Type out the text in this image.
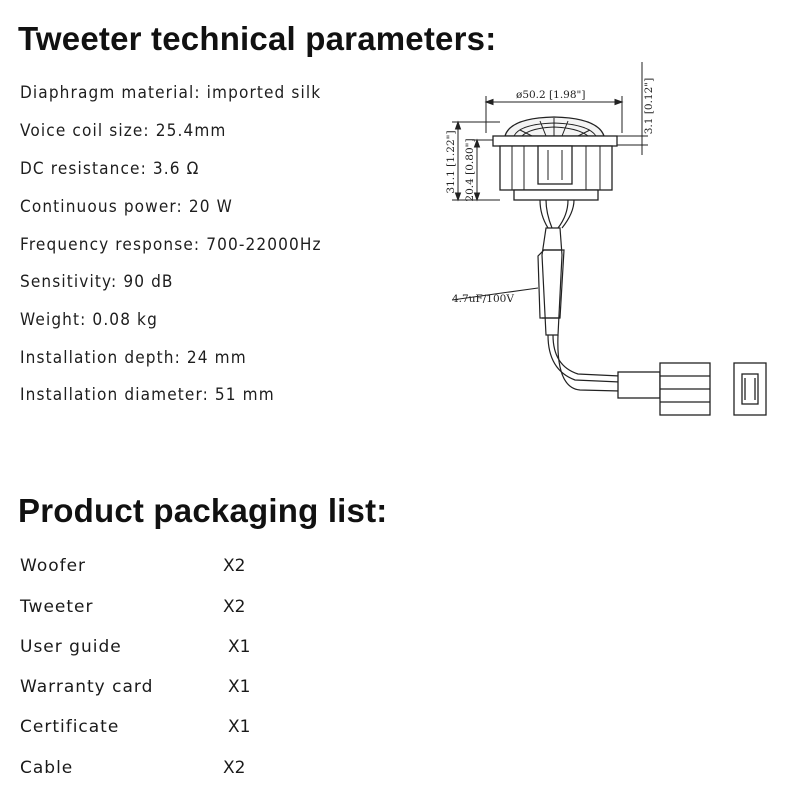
Tweeter technical parameters:
Diaphragm material: imported silk
Voice coil size: 25.4mm
DC resistance: 3.6 Ω
Continuous power: 20 W
Frequency response: 700-22000Hz
Sensitivity: 90 dB
Weight: 0.08 kg
Installation depth: 24 mm
Installation diameter: 51 mm
ø50.2 [1.98"]	3.1 [0.12"]
31.1 [1.22"] 20.4 [0.80"]
4.7uF/100V
Product packaging list:
Woofer	X2
Tweeter	X2
User guide	X1
Warranty card	X1
Certificate	X1
Cable	X2
